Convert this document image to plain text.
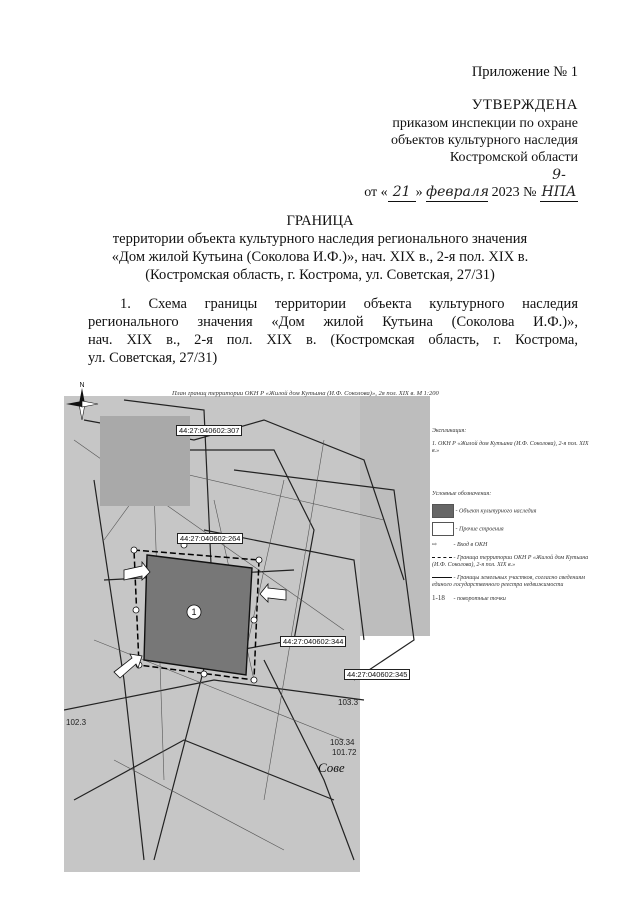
Приложение № 1
УТВЕРЖДЕНА
приказом инспекции по охране
объектов культурного наследия
Костромской области
от « 21 » февраля 2023 № 9-НПА
ГРАНИЦА
территории объекта культурного наследия регионального значения
«Дом жилой Кутьина (Соколова И.Ф.)», нач. XIX в., 2-я пол. XIX в.
(Костромская область, г. Кострома, ул. Советская, 27/31)
1. Схема границы территории объекта культурного наследия
регионального значения «Дом жилой Кутьина (Соколова И.Ф.)»,
нач. XIX в., 2-я пол. XIX в. (Костромская область, г. Кострома,
ул. Советская, 27/31)
1
N
План границ территории ОКН Р «Жилой дом Кутьина (И.Ф. Соколова)», 2я пол. XIX в. М 1:200
44:27:040602:307
44:27:040602:264
44:27:040602:344
44:27:040602:345
102.3
103.34
101.72
103.3
Сове
Экспликация:
1. ОКН Р «Жилой дом Кутьина (И.Ф. Соколова), 2-я пол. XIX в.»
Условные обозначения:
- Объект культурного наследия
- Прочие строения
⇨	- Вход в ОКН
- Граница территории ОКН Р «Жилой дом Кутьина (И.Ф. Соколова), 2-я пол. XIX в.»
- Границы земельных участков, согласно сведениям единого государственного реестра недвижимости
1-18 - поворотные точки
